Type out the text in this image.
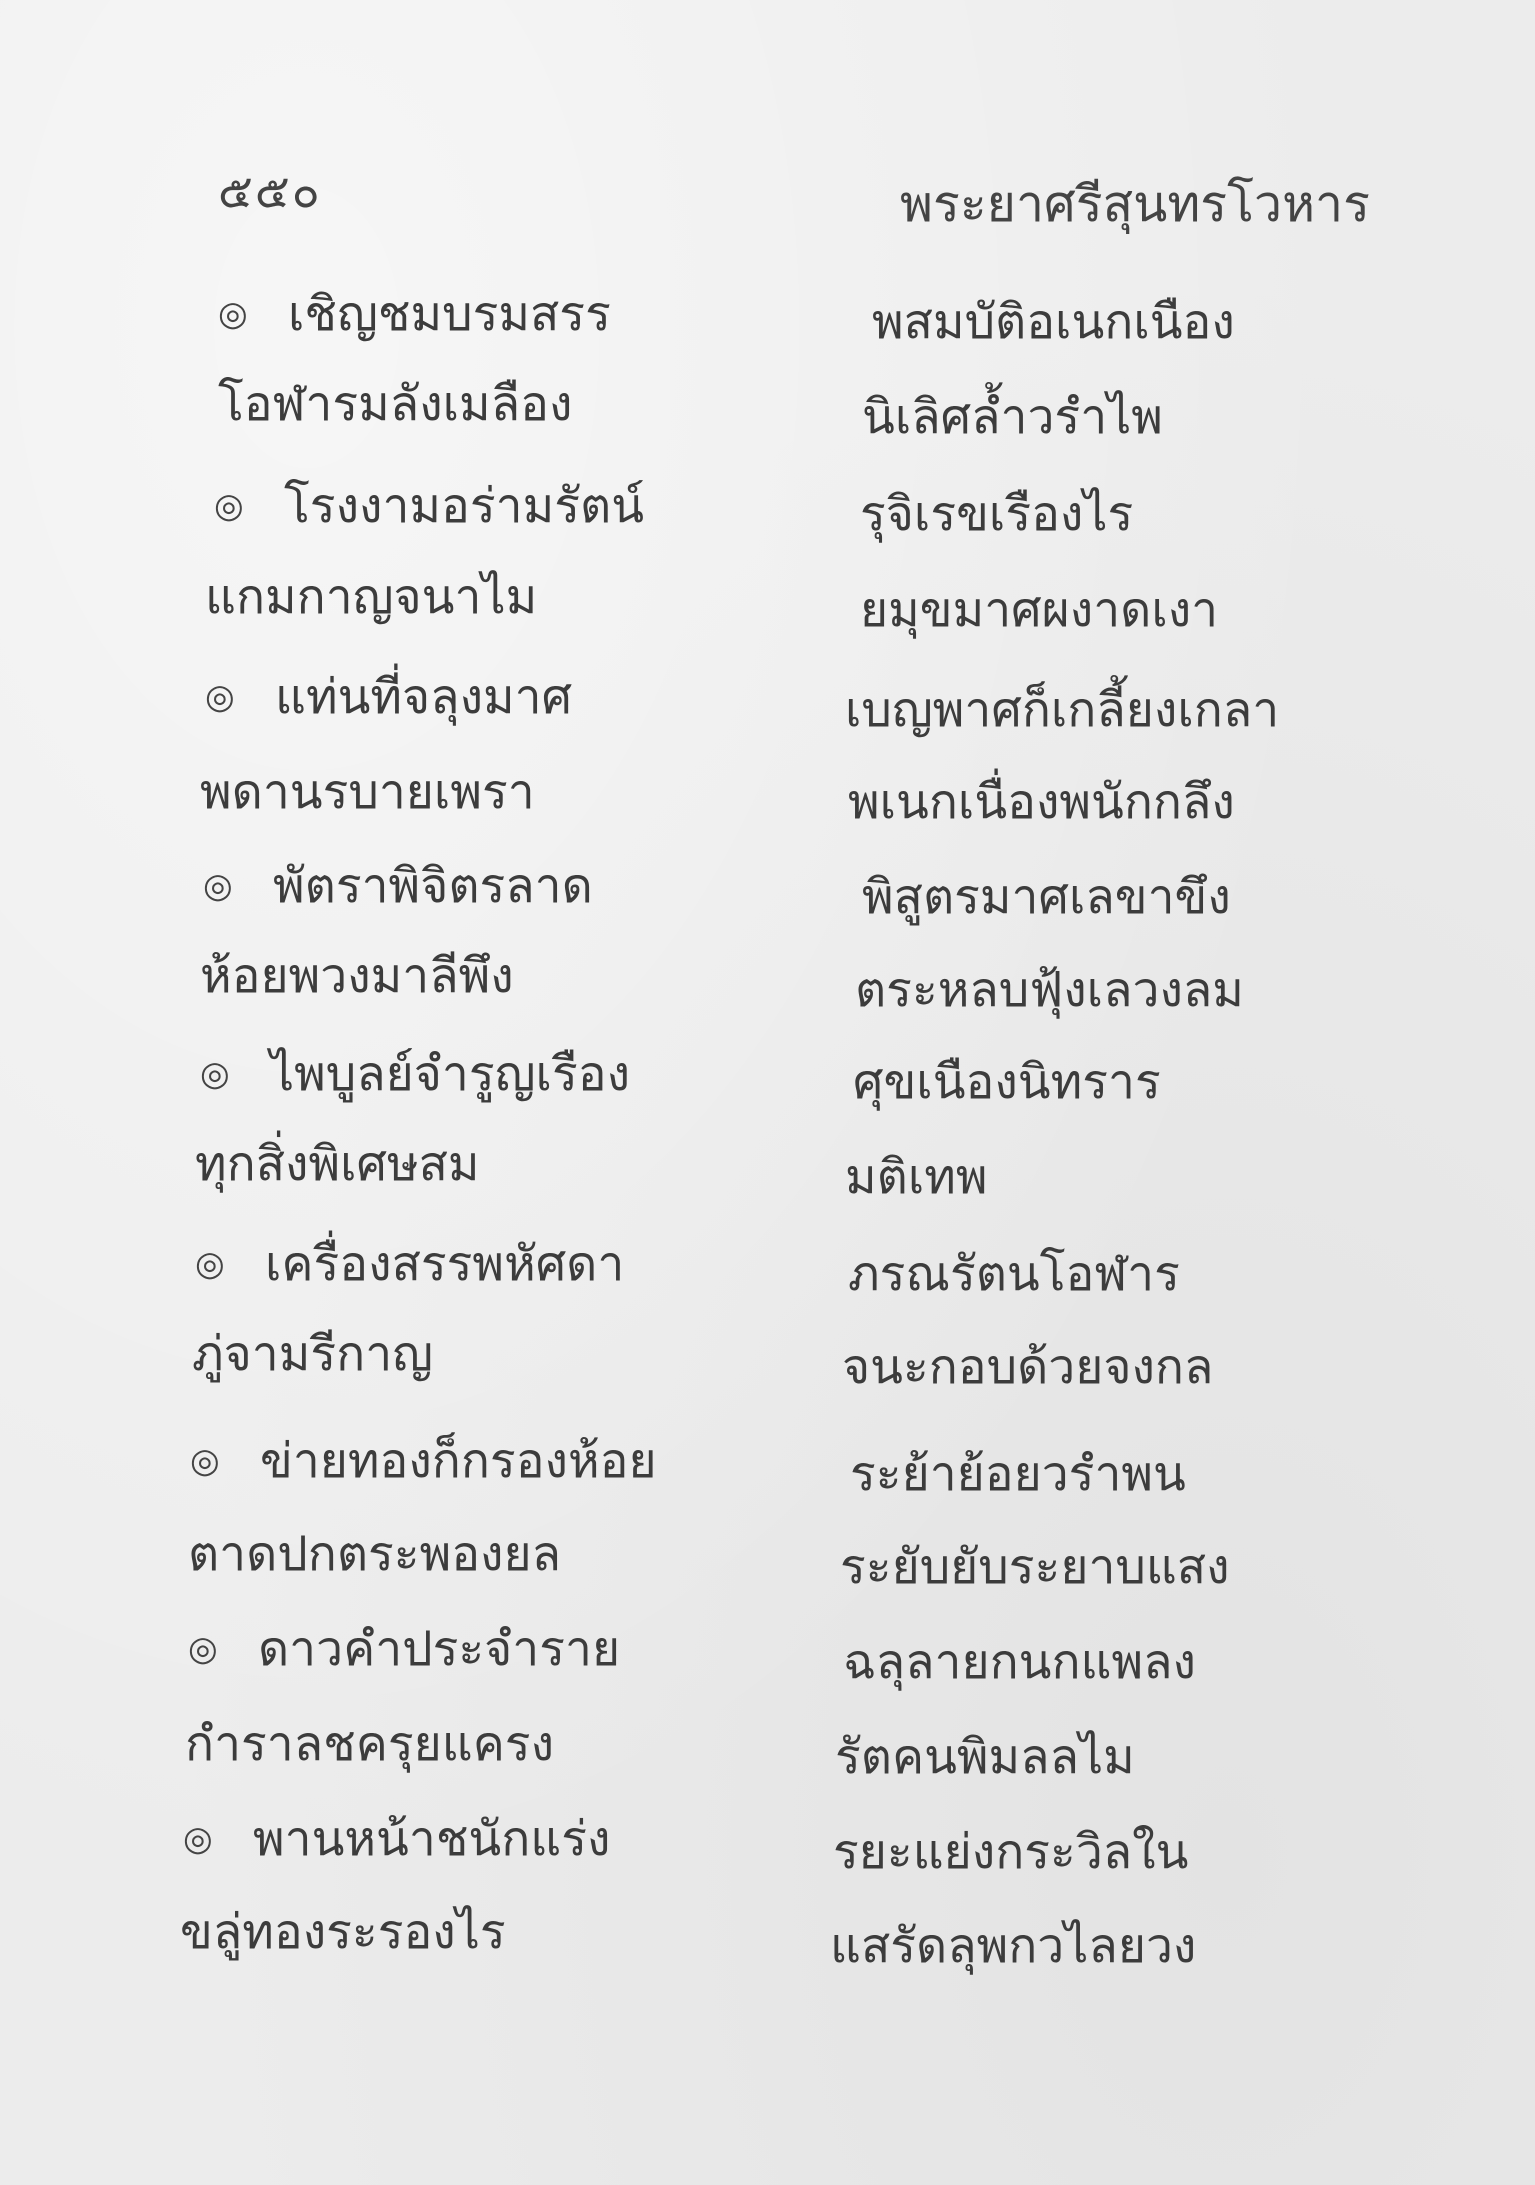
๕๕๐	พระยาศรีสุนทรโวหาร
◎ เชิญชมบรมสรร	พสมบัติอเนกเนือง
โอฬารมลังเมลือง	นิเลิศล้ำวรำไพ
◎ โรงงามอร่ามรัตน์	รุจิเรขเรืองไร
แกมกาญจนาไม	ยมุขมาศผงาดเงา
◎ แท่นที่จลุงมาศ	เบญพาศก็เกลี้ยงเกลา
พดานรบายเพรา	พเนกเนื่องพนักกลึง
◎ พัตราพิจิตรลาด	พิสูตรมาศเลขาขึง
ห้อยพวงมาลีพึง	ตระหลบฟุ้งเลวงลม
◎ ไพบูลย์จำรูญเรือง	ศุขเนืองนิทราร
ทุกสิ่งพิเศษสม	มติเทพ
◎ เครื่องสรรพหัศดา	ภรณรัตนโอฬาร
ภู่จามรีกาญ	จนะกอบด้วยจงกล
◎ ข่ายทองก็กรองห้อย	ระย้าย้อยวรำพน
ตาดปกตระพองยล	ระยับยับระยาบแสง
◎ ดาวคำประจำราย	ฉลุลายกนกแพลง
กำราลชครุยแครง	รัตคนพิมลลไม
◎ พานหน้าชนักแร่ง	รยะแย่งกระวิลใน
ขลู่ทองระรองไร	แสรัดลุพกวไลยวง
